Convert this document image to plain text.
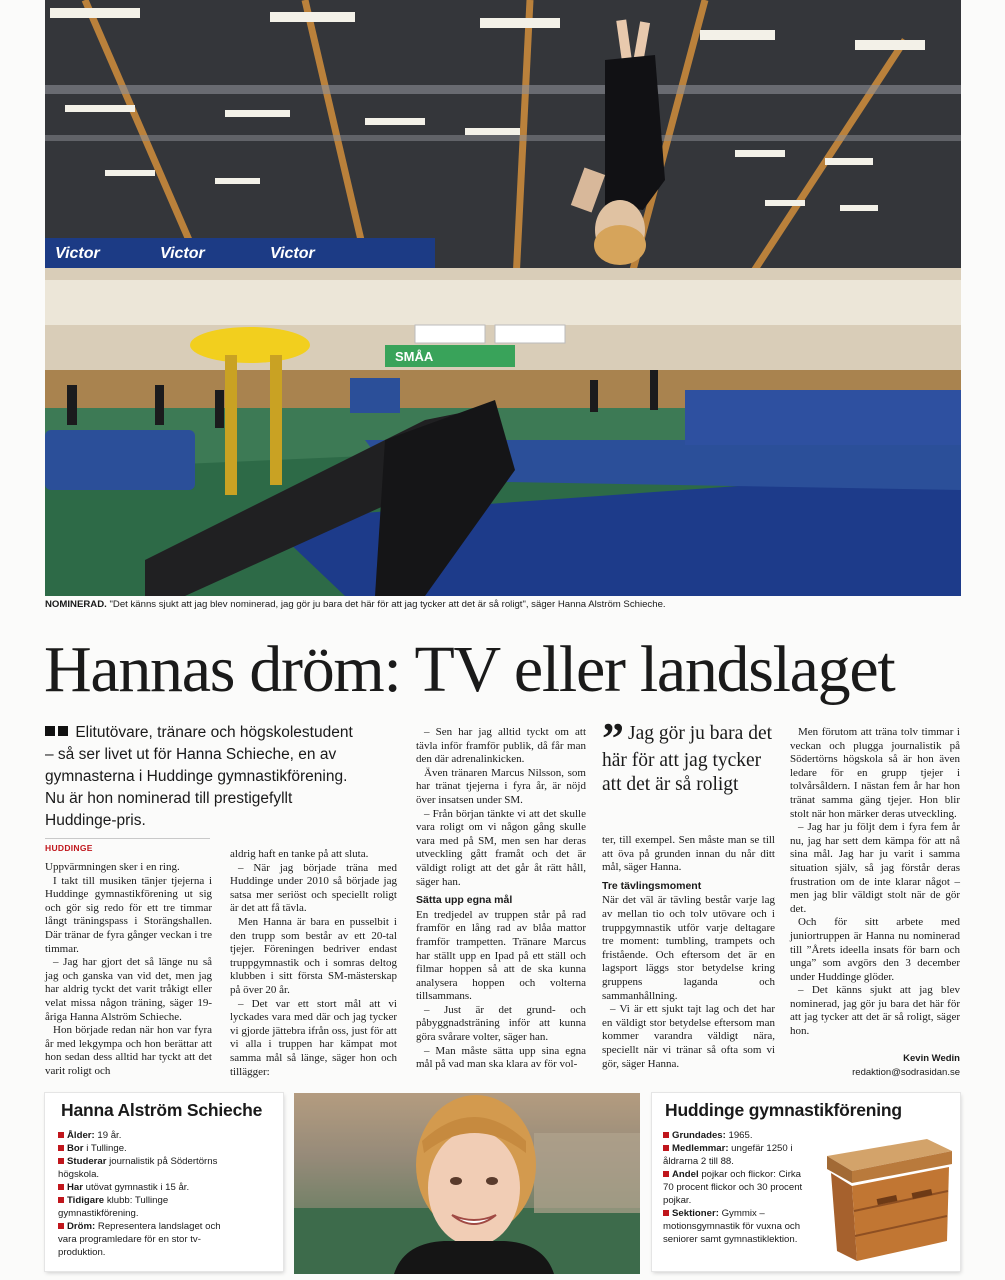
Victor	Victor	Victor
SMÅA
NOMINERAD. "Det känns sjukt att jag blev nominerad, jag gör ju bara det här för att jag tycker att det är så roligt", säger Hanna Alström Schieche.
Hannas dröm: TV eller landslaget
Elitutövare, tränare och högskolestudent – så ser livet ut för Hanna Schieche, en av gymnasterna i Huddinge gymnastikförening. Nu är hon nominerad till prestigefyllt Huddinge-pris.
HUDDINGE

Uppvärmningen sker i en ring.

I takt till musiken tänjer tjejerna i Huddinge gymnastikförening ut sig och gör sig redo för ett tre timmar långt träningspass i Storängshallen. Där tränar de fyra gånger veckan i tre timmar.

– Jag har gjort det så länge nu så jag och ganska van vid det, men jag har aldrig tyckt det varit tråkigt eller velat missa någon träning, säger 19-åriga Hanna Alström Schieche.

Hon började redan när hon var fyra år med lekgympa och hon berättar att hon sedan dess alltid har tyckt att det varit roligt och

aldrig haft en tanke på att sluta.

– När jag började träna med Huddinge under 2010 så började jag satsa mer seriöst och speciellt roligt är det att få tävla.

Men Hanna är bara en pusselbit i den trupp som består av ett 20-tal tjejer. Föreningen bedriver endast truppgymnastik och i somras deltog klubben i sitt första SM-mästerskap på över 20 år.

– Det var ett stort mål att vi lyckades vara med där och jag tycker vi gjorde jättebra ifrån oss, just för att vi alla i truppen har kämpat mot samma mål så länge, säger hon och tillägger:

– Sen har jag alltid tyckt om att tävla inför framför publik, då får man den där adrenalinkicken.

Även tränaren Marcus Nilsson, som har tränat tjejerna i fyra år, är nöjd över insatsen under SM.

– Från början tänkte vi att det skulle vara roligt om vi någon gång skulle vara med på SM, men sen har deras utveckling gått framåt och det är väldigt roligt att det går åt rätt håll, säger han.

Sätta upp egna mål

En tredjedel av truppen står på rad framför en lång rad av blåa mattor framför trampetten. Tränare Marcus har ställt upp en Ipad på ett ställ och filmar hoppen så att de ska kunna analysera hoppen och volterna tillsammans.

– Just är det grund- och påbyggnadsträning inför att kunna göra svårare volter, säger han.

– Man måste sätta upp sina egna mål på vad man ska klara av för vol-

” Jag gör ju bara det här för att jag tycker att det är så roligt

ter, till exempel. Sen måste man se till att öva på grunden innan du når ditt mål, säger Hanna.

Tre tävlingsmoment

När det väl är tävling består varje lag av mellan tio och tolv utövare och i truppgymnastik utför varje deltagare tre moment: tumbling, trampets och fristående. Och eftersom det är en lagsport läggs stor betydelse kring gruppens laganda och sammanhållning.

– Vi är ett sjukt tajt lag och det har en väldigt stor betydelse eftersom man kommer varandra väldigt nära, speciellt när vi tränar så ofta som vi gör, säger Hanna.

Men förutom att träna tolv timmar i veckan och plugga journalistik på Södertörns högskola så är hon även ledare för en grupp tjejer i tolvårsåldern. I nästan fem år har hon tränat samma gäng tjejer. Hon blir stolt när hon märker deras utveckling.

– Jag har ju följt dem i fyra fem år nu, jag har sett dem kämpa för att nå sina mål. Jag har ju varit i samma situation själv, så jag förstår deras frustration om de inte klarar något – men jag blir väldigt stolt när de gör det.

Och för sitt arbete med juniortruppen är Hanna nu nominerad till ”Årets ideella insats för barn och unga” som avgörs den 3 december under Huddinge glöder.

– Det känns sjukt att jag blev nominerad, jag gör ju bara det här för att jag tycker att det är så roligt, säger hon.

Kevin Wedin
redaktion@sodrasidan.se
Hanna Alström Schieche

Ålder: 19 år.

Bor i Tullinge.

Studerar journalistik på Södertörns högskola.

Har utövat gymnastik i 15 år.

Tidigare klubb: Tullinge gymnastikförening.

Dröm: Representera landslaget och vara programledare för en stor tv-produktion.

Huddinge gymnastikförening

Grundades: 1965.

Medlemmar: ungefär 1250 i åldrarna 2 till 88.

Andel pojkar och flickor: Cirka 70 procent flickor och 30 procent pojkar.

Sektioner: Gymmix – motionsgymnastik för vuxna och seniorer samt gymnastiklektion.
